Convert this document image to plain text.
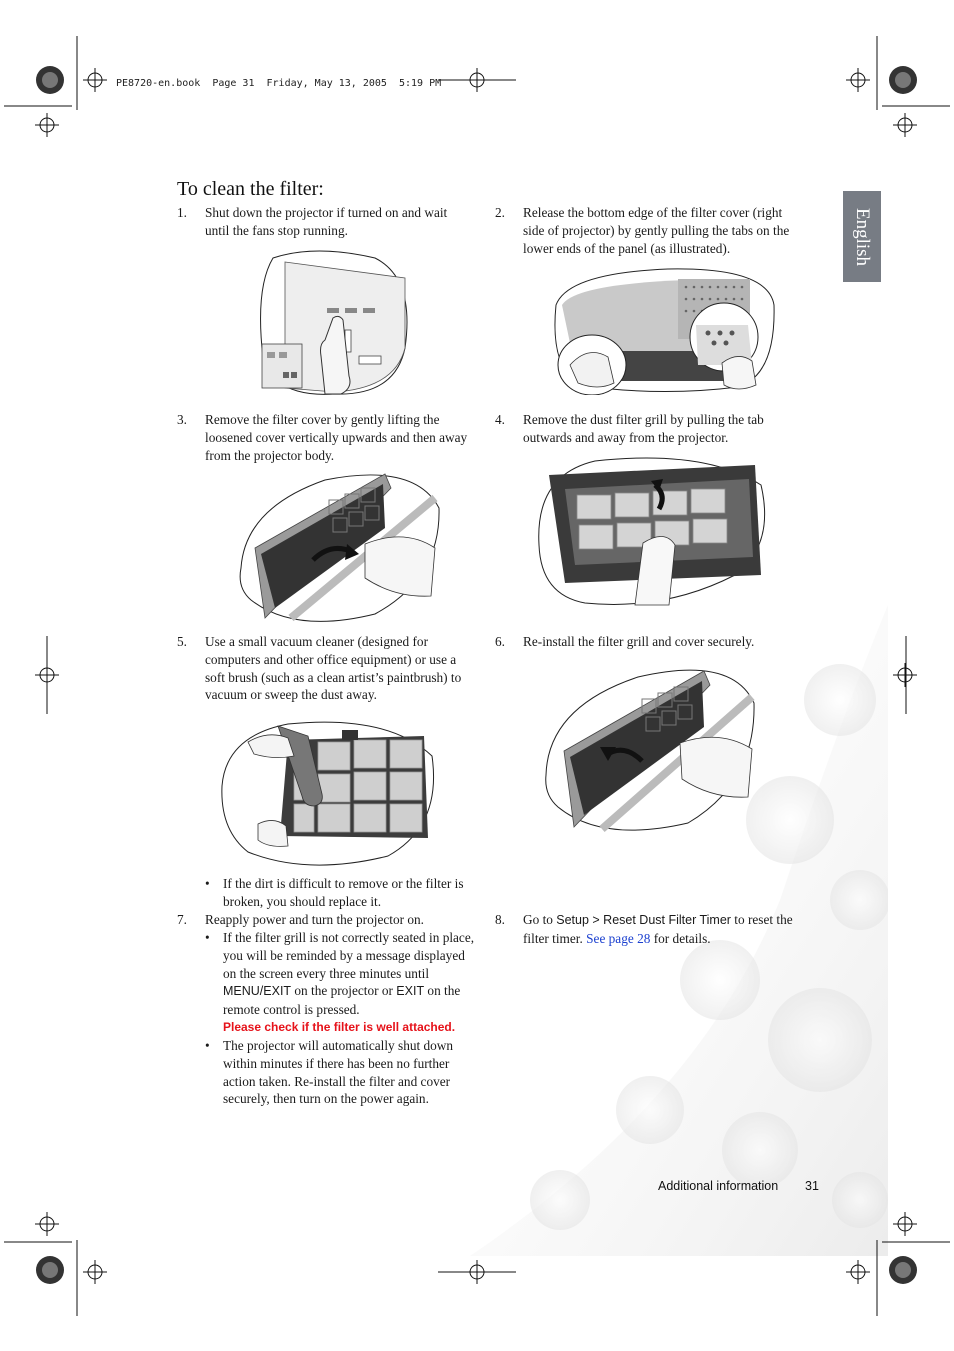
PE8720-en.book  Page 31  Friday, May 13, 2005  5:19 PM
English
To clean the filter:
1. Shut down the projector if turned on and wait
until the fans stop running.
2. Release the bottom edge of the filter cover (right
side of projector) by gently pulling the tabs on the
lower ends of the panel (as illustrated).
3. Remove the filter cover by gently lifting the
loosened cover vertically upwards and then away
from the projector body.
4. Remove the dust filter grill by pulling the tab
outwards and away from the projector.
5. Use a small vacuum cleaner (designed for
computers and other office equipment) or use a
soft brush (such as a clean artist’s paintbrush) to
vacuum or sweep the dust away.
6. Re-install the filter grill and cover securely.
• If the dirt is difficult to remove or the filter is
broken, you should replace it.
7. Reapply power and turn the projector on.
• If the filter grill is not correctly seated in place,
you will be reminded by a message displayed
on the screen every three minutes until
MENU/EXIT on the projector or EXIT on the
remote control is pressed.
Please check if the filter is well attached.
• The projector will automatically shut down
within minutes if there has been no further
action taken. Re-install the filter and cover
securely, then turn on the power again.
8. Go to Setup > Reset Dust Filter Timer to reset the
filter timer. See page 28 for details.
Additional information 31
